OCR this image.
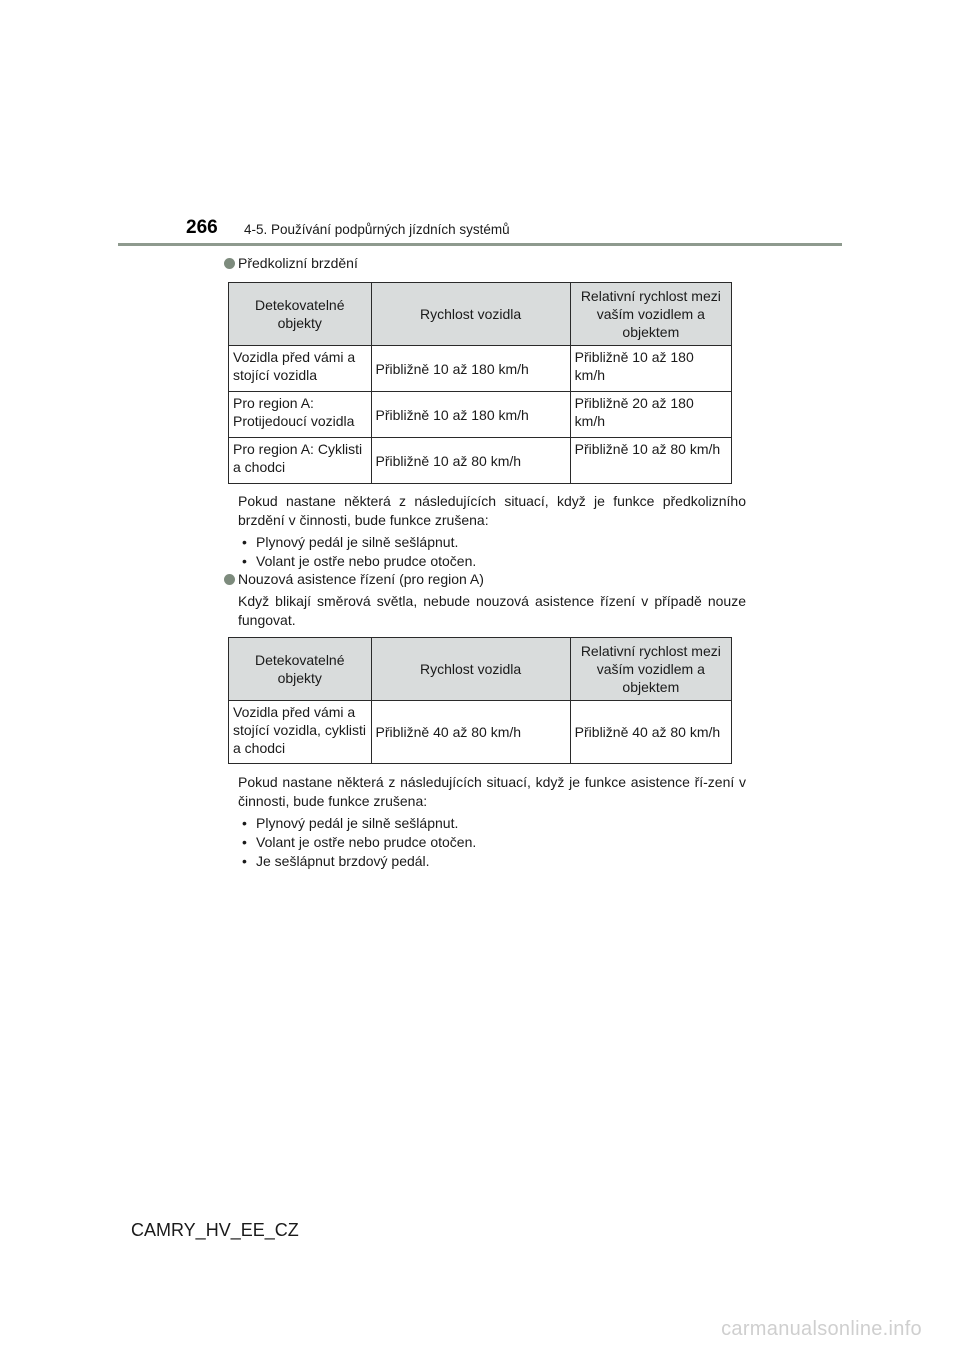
266 4-5. Používání podpůrných jízdních systémů
Předkolizní brzdění
Detekovatelné objekty	Rychlost vozidla	Relativní rychlost mezi vaším vozidlem a objektem
Vozidla před vámi a stojící vozidla	Přibližně 10 až 180 km/h	Přibližně 10 až 180 km/h
Pro region A: Protijedoucí vozidla	Přibližně 10 až 180 km/h	Přibližně 20 až 180 km/h
Pro region A: Cyklisti a chodci	Přibližně 10 až 80 km/h	Přibližně 10 až 80 km/h
Pokud nastane některá z následujících situací, když je funkce předkolizního brzdění v činnosti, bude funkce zrušena:
• Plynový pedál je silně sešlápnut.
• Volant je ostře nebo prudce otočen.
Nouzová asistence řízení (pro region A)
Když blikají směrová světla, nebude nouzová asistence řízení v případě nouze fungovat.
Detekovatelné objekty	Rychlost vozidla	Relativní rychlost mezi vaším vozidlem a objektem
Vozidla před vámi a stojící vozidla, cyklisti a chodci	Přibližně 40 až 80 km/h	Přibližně 40 až 80 km/h
Pokud nastane některá z následujících situací, když je funkce asistence ří-zení v činnosti, bude funkce zrušena:
• Plynový pedál je silně sešlápnut.
• Volant je ostře nebo prudce otočen.
• Je sešlápnut brzdový pedál.
CAMRY_HV_EE_CZ
carmanualsonline.info
